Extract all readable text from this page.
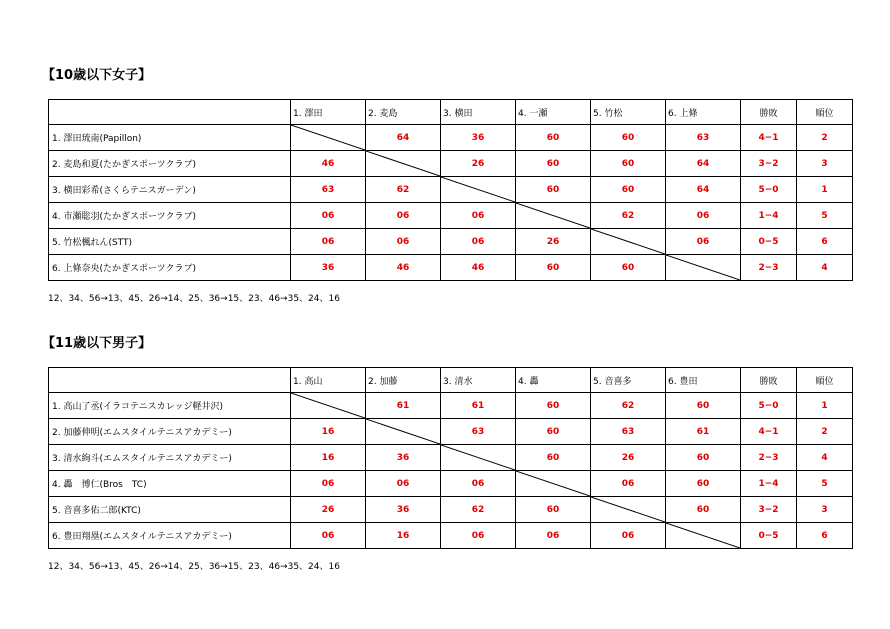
【10歳以下女子】
	1. 澤田	2. 麦島	3. 横田	4. 一瀬	5. 竹松	6. 上條	勝敗	順位
1. 澤田琉南(Papillon)		64	36	60	60	63	4−1	2
2. 麦島和夏(たかぎスポーツクラブ)	46		26	60	60	64	3−2	3
3. 横田彩希(さくらテニスガーデン)	63	62		60	60	64	5−0	1
4. 市瀬聡羽(たかぎスポーツクラブ)	06	06	06		62	06	1−4	5
5. 竹松楓れん(STT)	06	06	06	26		06	0−5	6
6. 上條奈央(たかぎスポーツクラブ)	36	46	46	60	60		2−3	4
12、34、56→13、45、26→14、25、36→15、23、46→35、24、16
【11歳以下男子】
	1. 高山	2. 加藤	3. 清水	4. 轟	5. 音喜多	6. 豊田	勝敗	順位
1. 高山了丞(イラコテニスカレッジ軽井沢)		61	61	60	62	60	5−0	1
2. 加藤伸明(エムスタイルテニスアカデミー)	16		63	60	63	61	4−1	2
3. 清水絢斗(エムスタイルテニスアカデミー)	16	36		60	26	60	2−3	4
4. 轟　博仁(Bros　TC)	06	06	06		06	60	1−4	5
5. 音喜多佑二郎(KTC)	26	36	62	60		60	3−2	3
6. 豊田翔塁(エムスタイルテニスアカデミー)	06	16	06	06	06		0−5	6
12、34、56→13、45、26→14、25、36→15、23、46→35、24、16
